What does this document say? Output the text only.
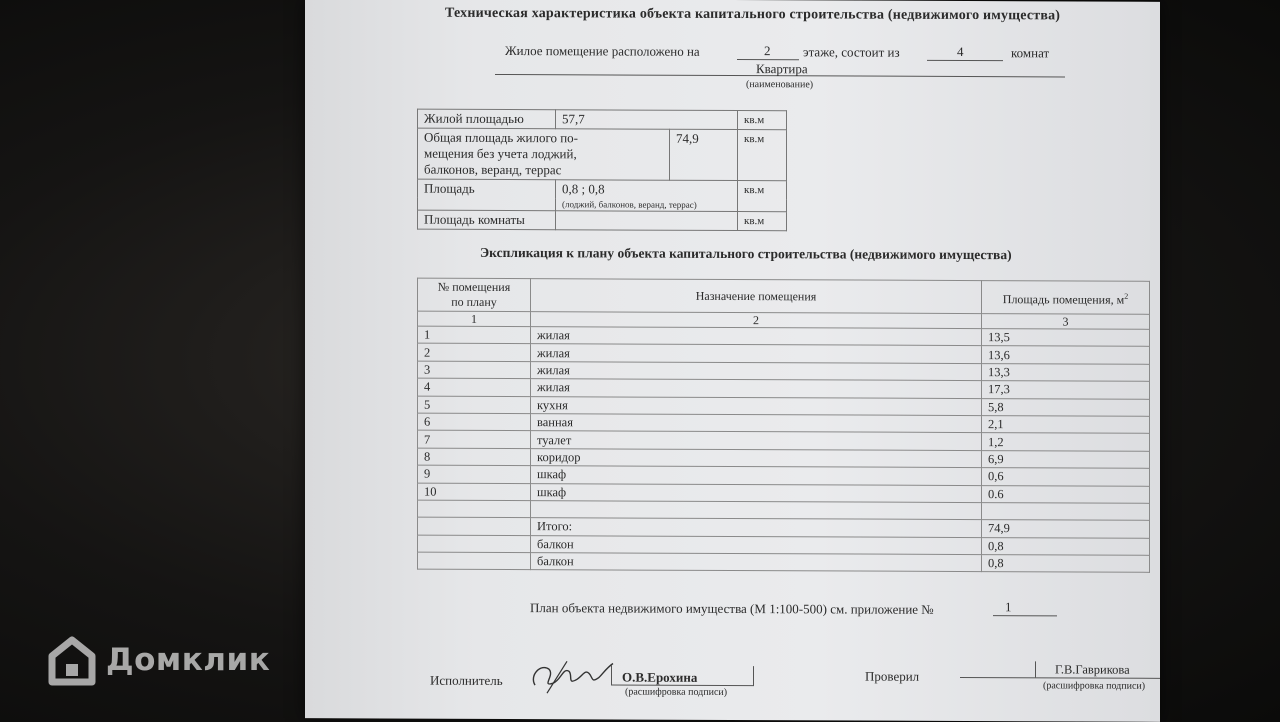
Техническая характеристика объекта капитального строительства (недвижимого имущества)
Жилое помещение расположено на	2	этаже, состоит из	4	комнат
Квартира
(наименование)
Жилой площадью	57,7		кв.м

Общая площадь жилого по-
мещения без учета лоджий,
балконов, веранд, террас		74,9	кв.м
Площадь	0,8 ; 0,8		кв.м
	(лоджий, балконов, веранд, террас)		
Площадь комнаты			кв.м
Экспликация к плану объекта капитального строительства (недвижимого имущества)
№ помещения
по плану	Назначение помещения	Площадь помещения, $м^2$
1	2	3
1	жилая	13,5
2	жилая	13,6
3	жилая	13,3
4	жилая	17,3
5	кухня	5,8
6	ванная	2,1
7	туалет	1,2
8	коридор	6,9
9	шкаф	0,6
10	шкаф	0.6

	Итого:	74,9
	балкон	0,8
	балкон	0,8
План объекта недвижимого имущества (М 1:100-500) см. приложение №	1
Исполнитель	О.В.Ерохина
(расшифровка подписи)
Проверил	Г.В.Гаврикова
(расшифровка подписи)
Домклик
